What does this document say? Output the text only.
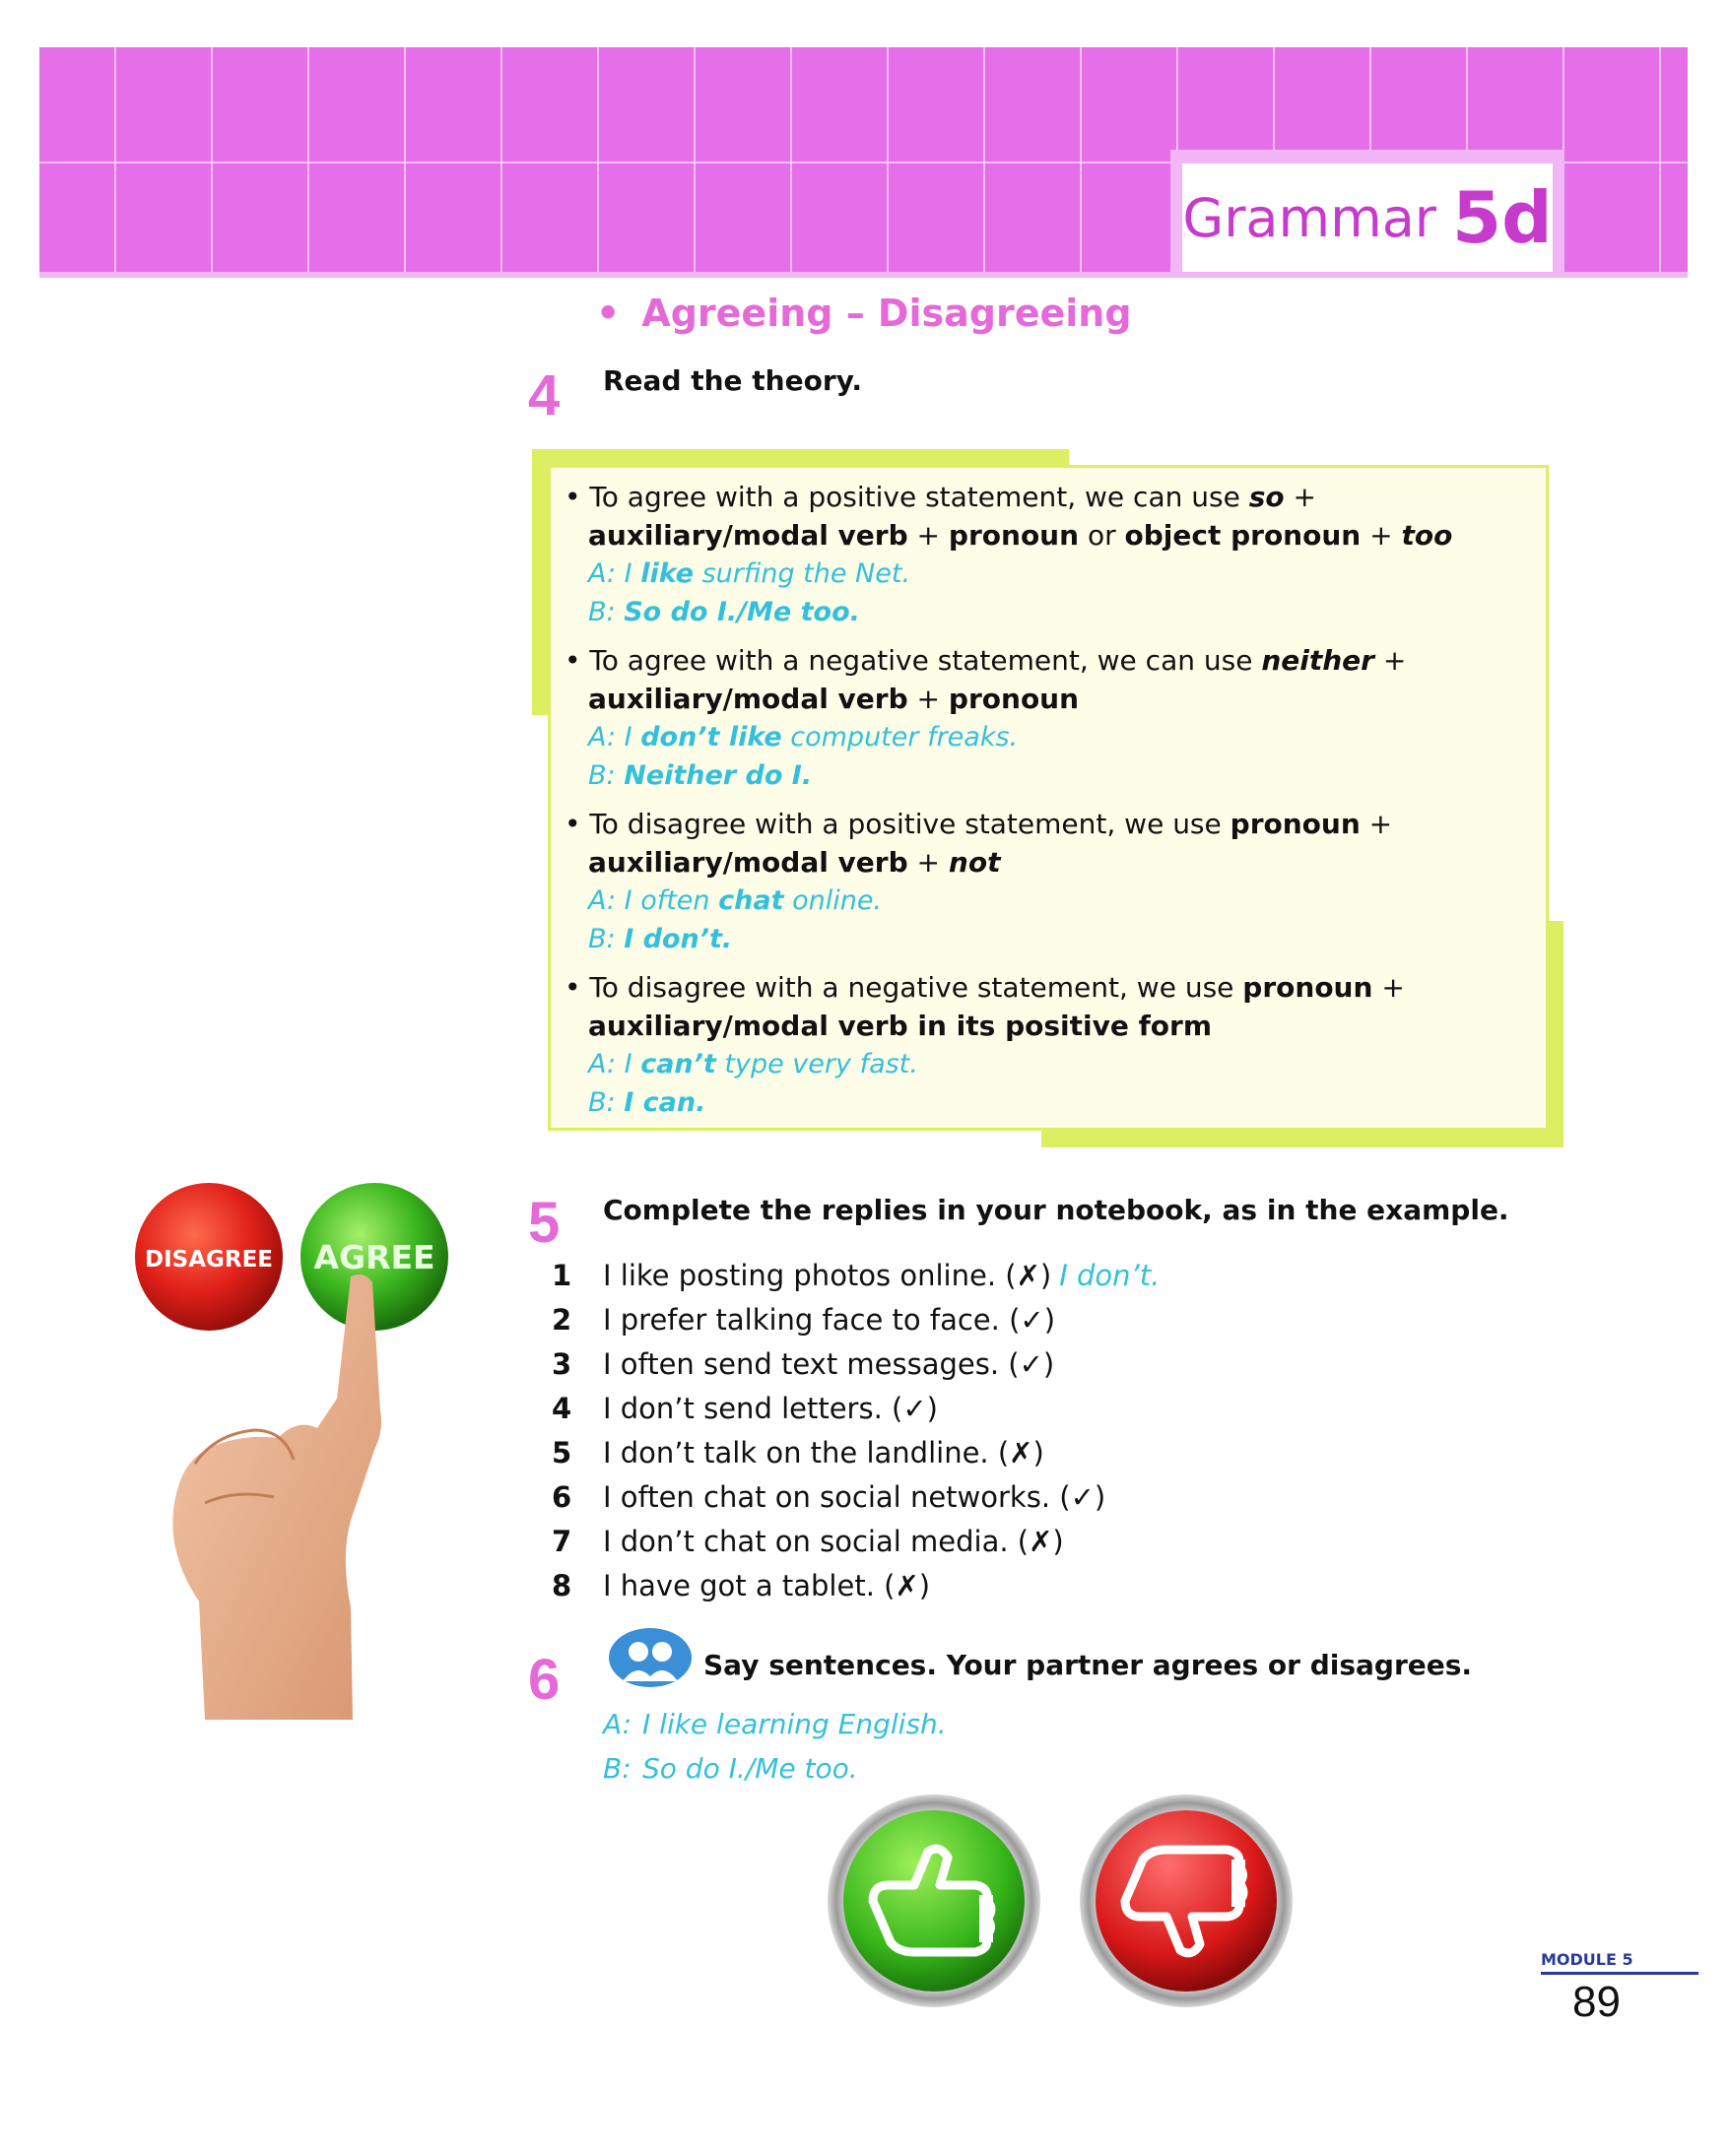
Grammar 5d
• Agreeing – Disagreeing
4 Read the theory.
• To agree with a positive statement, we can use so + auxiliary/modal verb + pronoun or object pronoun + too
A: I like surfing the Net.
B: So do I./Me too.
• To agree with a negative statement, we can use neither + auxiliary/modal verb + pronoun
A: I don’t like computer freaks.
B: Neither do I.
• To disagree with a positive statement, we use pronoun + auxiliary/modal verb + not
A: I often chat online.
B: I don’t.
• To disagree with a negative statement, we use pronoun + auxiliary/modal verb in its positive form
A: I can’t type very fast.
B: I can.
DISAGREE AGREE
5 Complete the replies in your notebook, as in the example.
1	I like posting photos online. (✗) I don’t.
2	I prefer talking face to face. (✓)
3	I often send text messages. (✓)
4	I don’t send letters. (✓)
5	I don’t talk on the landline. (✗)
6	I often chat on social networks. (✓)
7	I don’t chat on social media. (✗)
8	I have got a tablet. (✗)
6	Say sentences. Your partner agrees or disagrees.
A: I like learning English.
B: So do I./Me too.
MODULE 5
89
